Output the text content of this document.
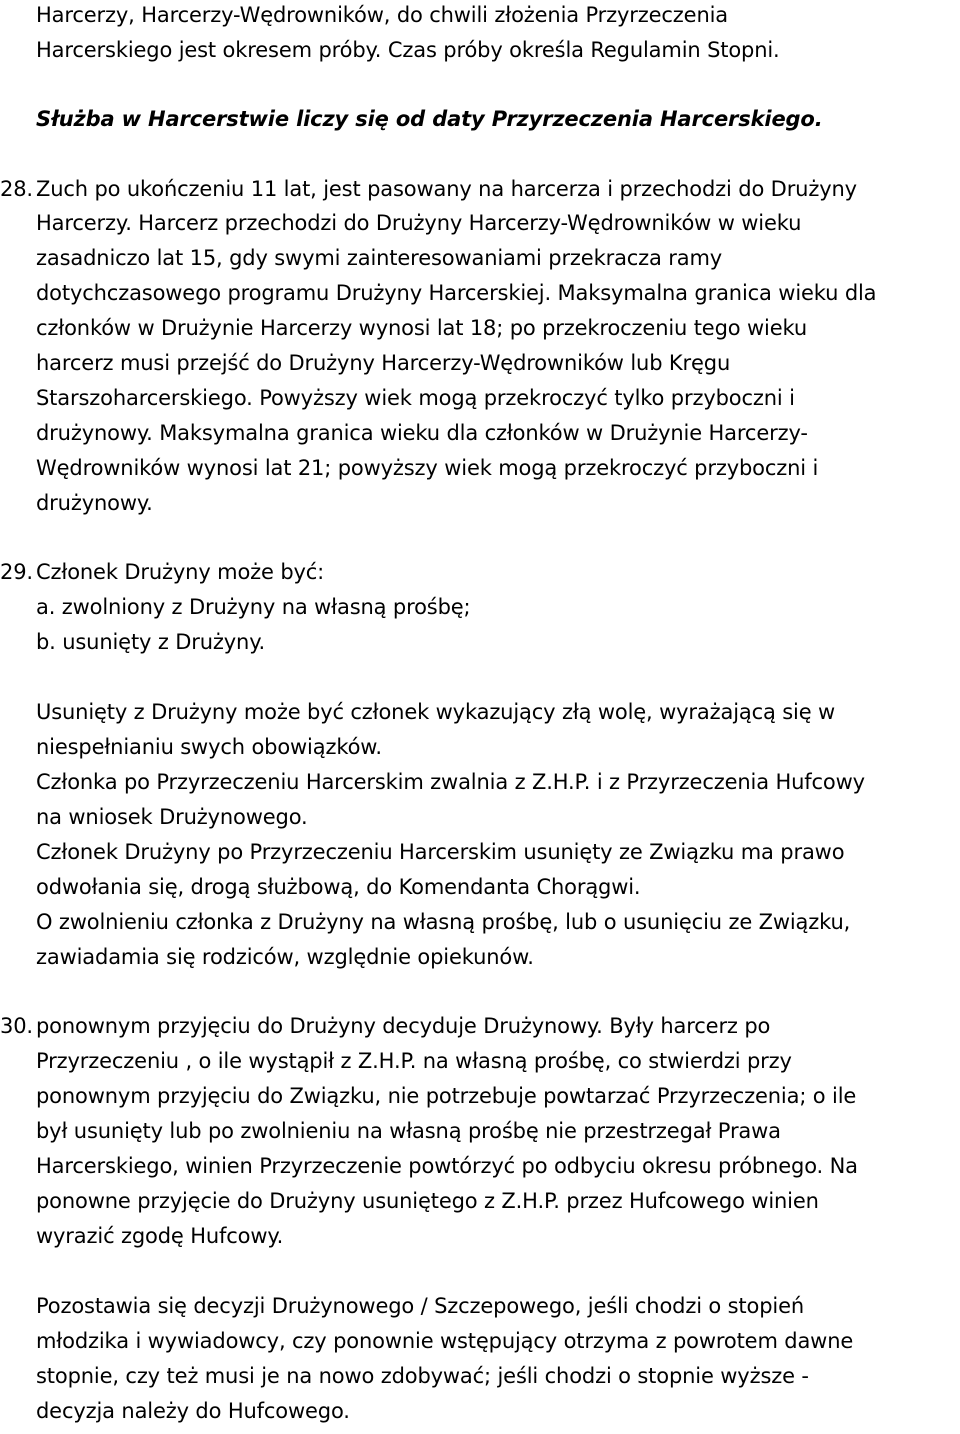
Harcerzy, Harcerzy-Wędrowników, do chwili złożenia Przyrzeczenia
Harcerskiego jest okresem próby. Czas próby określa Regulamin Stopni.
Służba w Harcerstwie liczy się od daty Przyrzeczenia Harcerskiego.
28. Zuch po ukończeniu 11 lat, jest pasowany na harcerza i przechodzi do Drużyny
Harcerzy. Harcerz przechodzi do Drużyny Harcerzy-Wędrowników w wieku
zasadniczo lat 15, gdy swymi zainteresowaniami przekracza ramy
dotychczasowego programu Drużyny Harcerskiej. Maksymalna granica wieku dla
członków w Drużynie Harcerzy wynosi lat 18; po przekroczeniu tego wieku
harcerz musi przejść do Drużyny Harcerzy-Wędrowników lub Kręgu
Starszoharcerskiego. Powyższy wiek mogą przekroczyć tylko przyboczni i
drużynowy. Maksymalna granica wieku dla członków w Drużynie Harcerzy-
Wędrowników wynosi lat 21; powyższy wiek mogą przekroczyć przyboczni i
drużynowy.
29. Członek Drużyny może być:
a. zwolniony z Drużyny na własną prośbę;
b. usunięty z Drużyny.
Usunięty z Drużyny może być członek wykazujący złą wolę, wyrażającą się w
niespełnianiu swych obowiązków.
Członka po Przyrzeczeniu Harcerskim zwalnia z Z.H.P. i z Przyrzeczenia Hufcowy
na wniosek Drużynowego.
Członek Drużyny po Przyrzeczeniu Harcerskim usunięty ze Związku ma prawo
odwołania się, drogą służbową, do Komendanta Chorągwi.
O zwolnieniu członka z Drużyny na własną prośbę, lub o usunięciu ze Związku,
zawiadamia się rodziców, względnie opiekunów.
30. ponownym przyjęciu do Drużyny decyduje Drużynowy. Były harcerz po
Przyrzeczeniu , o ile wystąpił z Z.H.P. na własną prośbę, co stwierdzi przy
ponownym przyjęciu do Związku, nie potrzebuje powtarzać Przyrzeczenia; o ile
był usunięty lub po zwolnieniu na własną prośbę nie przestrzegał Prawa
Harcerskiego, winien Przyrzeczenie powtórzyć po odbyciu okresu próbnego. Na
ponowne przyjęcie do Drużyny usuniętego z Z.H.P. przez Hufcowego winien
wyrazić zgodę Hufcowy.
Pozostawia się decyzji Drużynowego / Szczepowego, jeśli chodzi o stopień
młodzika i wywiadowcy, czy ponownie wstępujący otrzyma z powrotem dawne
stopnie, czy też musi je na nowo zdobywać; jeśli chodzi o stopnie wyższe -
decyzja należy do Hufcowego.
